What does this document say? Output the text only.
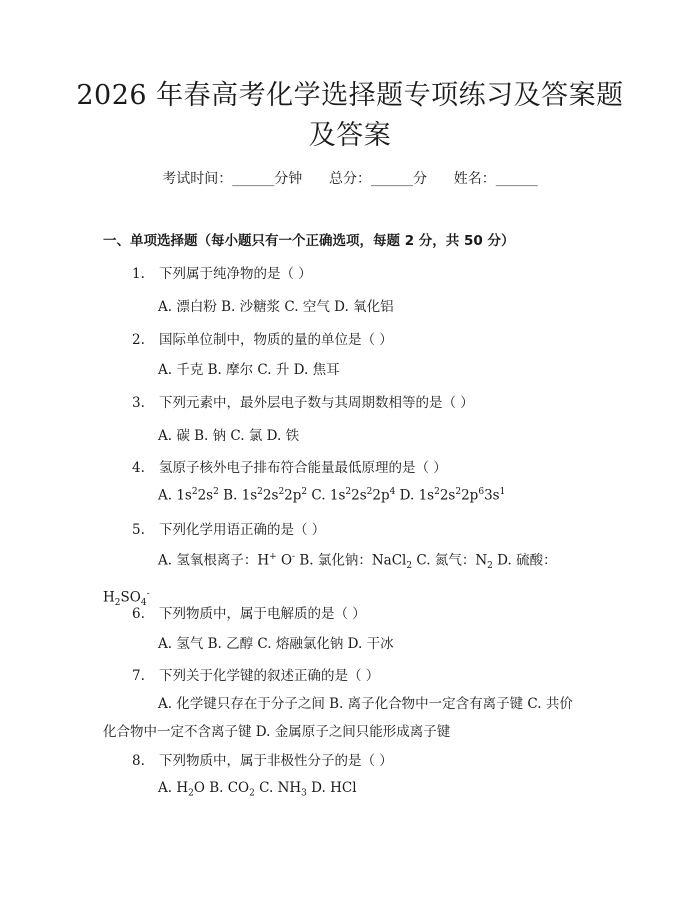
2026 年春高考化学选择题专项练习及答案题
及答案
考试时间：______分钟      总分：______分      姓名：______
一、单项选择题（每小题只有一个正确选项，每题 2 分，共 50 分）
1. 下列属于纯净物的是（ ）
A. 漂白粉 B. 沙糖浆 C. 空气 D. 氧化铝
2. 国际单位制中，物质的量的单位是（ ）
A. 千克 B. 摩尔 C. 升 D. 焦耳
3. 下列元素中，最外层电子数与其周期数相等的是（ ）
A. 碳 B. 钠 C. 氯 D. 铁
4. 氢原子核外电子排布符合能量最低原理的是（ ）
A. $1s^22s^2$ B. $1s^22s^22p^2$ C. $1s^22s^22p^4$ D. $1s^22s^22p^63s^1$
5. 下列化学用语正确的是（ ）
A. 氢氧根离子：H+ O- B. 氯化钠：NaCl$_2$ C. 氮气：$N_2$ D. 硫酸：
$H_2SO_4^-$
6. 下列物质中，属于电解质的是（ ）
A. 氢气 B. 乙醇 C. 熔融氯化钠 D. 干冰
7. 下列关于化学键的叙述正确的是（ ）
A. 化学键只存在于分子之间 B. 离子化合物中一定含有离子键 C. 共价
化合物中一定不含离子键 D. 金属原子之间只能形成离子键
8. 下列物质中，属于非极性分子的是（ ）
A. $H_2O$ B. $CO_2$ C. $NH_3$ D. HCl
